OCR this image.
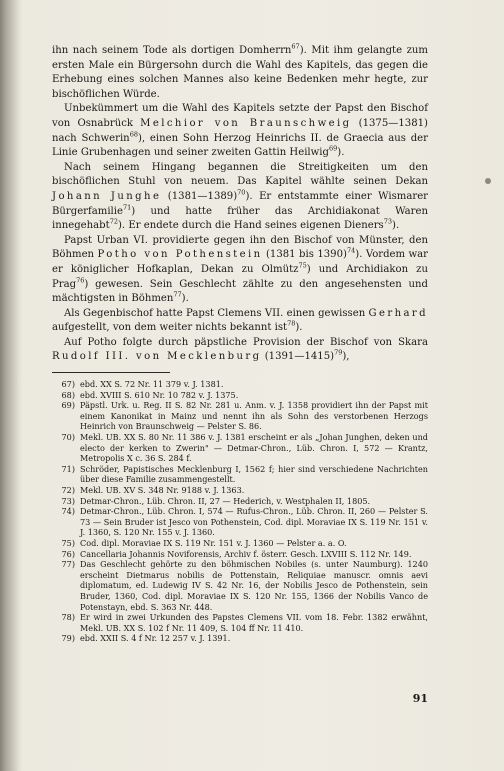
ihn nach seinem Tode als dortigen Domherrn$^{67}$). Mit ihm gelangte zum ersten Male ein Bürgersohn durch die Wahl des Kapitels, das gegen die Erhebung eines solchen Mannes also keine Bedenken mehr hegte, zur bischöflichen Würde.

Unbekümmert um die Wahl des Kapitels setzte der Papst den Bischof von Osnabrück Melchior von Braunschweig (1375—1381) nach Schwerin$^{68}$), einen Sohn Herzog Heinrichs II. de Graecia aus der Linie Grubenhagen und seiner zweiten Gattin Heilwig$^{69}$).

Nach seinem Hingang begannen die Streitigkeiten um den bischöflichen Stuhl von neuem. Das Kapitel wählte seinen Dekan Johann Junghe (1381—1389)$^{70}$). Er entstammte einer Wismarer Bürgerfamilie$^{71}$) und hatte früher das Archidiakonat Waren innegehabt$^{72}$). Er endete durch die Hand seines eigenen Dieners$^{73}$).

Papst Urban VI. providierte gegen ihn den Bischof von Münster, den Böhmen Potho von Pothenstein (1381 bis 1390)$^{74}$). Vordem war er königlicher Hofkaplan, Dekan zu Olmütz$^{75}$) und Archidiakon zu Prag$^{76}$) gewesen. Sein Geschlecht zählte zu den angesehensten und mächtigsten in Böhmen$^{77}$).

Als Gegenbischof hatte Papst Clemens VII. einen gewissen Gerhard aufgestellt, von dem weiter nichts bekannt ist$^{78}$).

Auf Potho folgte durch päpstliche Provision der Bischof von Skara Rudolf III. von Mecklenburg (1391—1415)$^{79}$),

67) ebd. XX S. 72 Nr. 11 379 v. J. 1381.
68) ebd. XVIII S. 610 Nr. 10 782 v. J. 1375.
69) Päpstl. Urk. u. Reg. II S. 82 Nr. 281 u. Anm. v. J. 1358 providiert ihn der Papst mit einem Kanonikat in Mainz und nennt ihn als Sohn des verstorbenen Herzogs Heinrich von Braunschweig — Pelster S. 86.
70) Mekl. UB. XX S. 80 Nr. 11 386 v. J. 1381 erscheint er als „Johan Junghen, deken und electo der kerken to Zwerin" — Detmar-Chron., Lüb. Chron. I, 572 — Krantz, Metropolis X c. 36 S. 284 f.
71) Schröder, Papistisches Mecklenburg I, 1562 f; hier sind verschiedene Nachrichten über diese Familie zusammengestellt.
72) Mekl. UB. XV S. 348 Nr. 9188 v. J. 1363.
73) Detmar-Chron., Lüb. Chron. II, 27 — Hederich, v. Westphalen II, 1805.
74) Detmar-Chron., Lüb. Chron. I, 574 — Rufus-Chron., Lüb. Chron. II, 260 — Pelster S. 73 — Sein Bruder ist Jesco von Pothenstein, Cod. dipl. Moraviae IX S. 119 Nr. 151 v. J. 1360, S. 120 Nr. 155 v. J. 1360.
75) Cod. dipl. Moraviae IX S. 119 Nr. 151 v. J. 1360 — Pelster a. a. O.
76) Cancellaria Johannis Noviforensis, Archiv f. österr. Gesch. LXVIII S. 112 Nr. 149.
77) Das Geschlecht gehörte zu den böhmischen Nobiles (s. unter Naumburg). 1240 erscheint Dietmarus nobilis de Pottenstain, Reliquiae manuscr. omnis aevi diplomatum, ed. Ludewig IV S. 42 Nr. 16, der Nobilis Jesco de Pothenstein, sein Bruder, 1360, Cod. dipl. Moraviae IX S. 120 Nr. 155, 1366 der Nobilis Vanco de Potenstayn, ebd. S. 363 Nr. 448.
78) Er wird in zwei Urkunden des Papstes Clemens VII. vom 18. Febr. 1382 erwähnt, Mekl. UB. XX S. 102 f Nr. 11 409, S. 104 ff Nr. 11 410.
79) ebd. XXII S. 4 f Nr. 12 257 v. J. 1391.
91
